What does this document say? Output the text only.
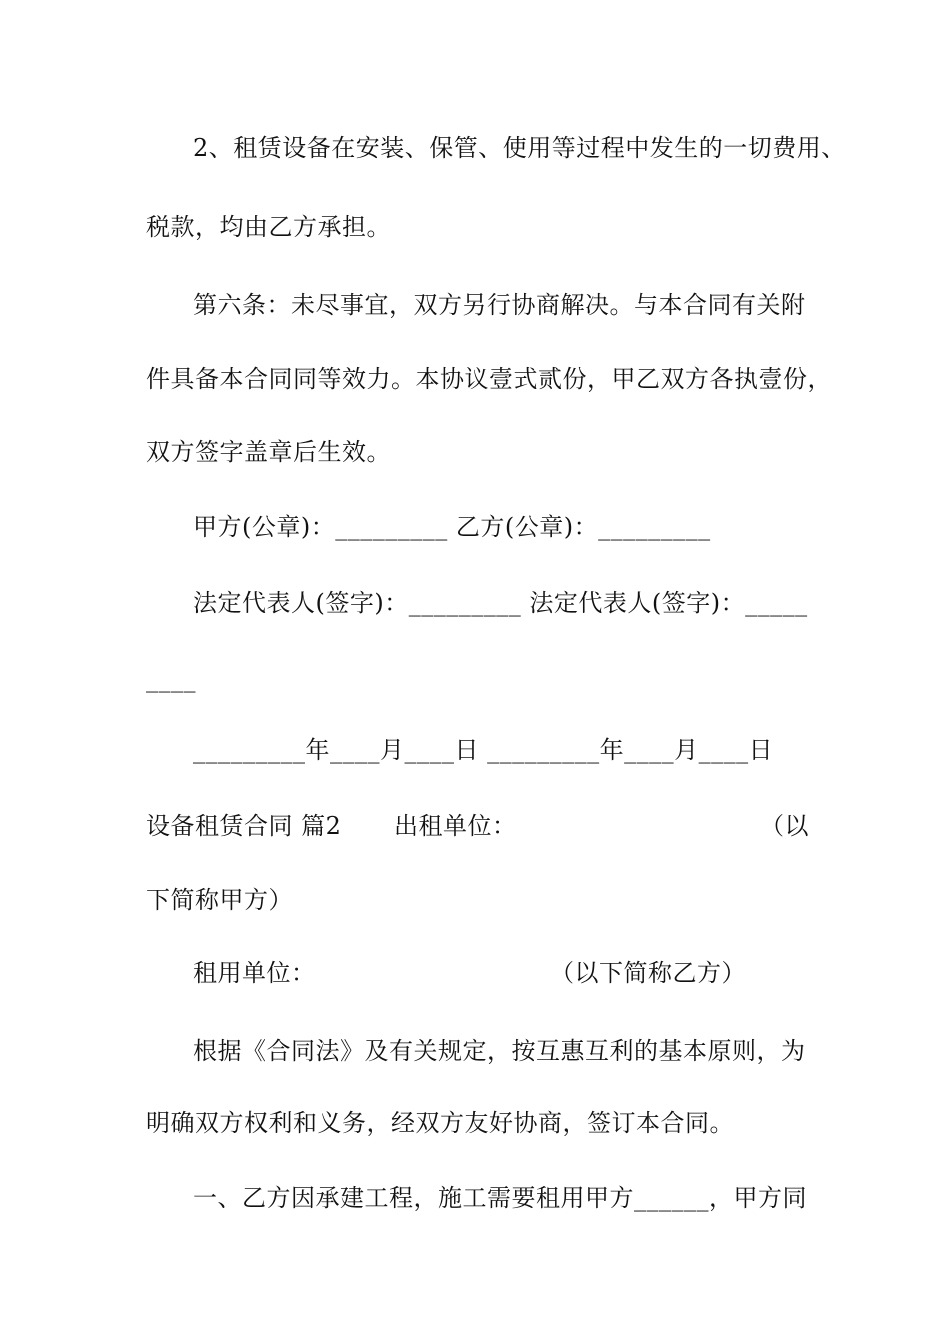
2、租赁设备在安装、保管、使用等过程中发生的一切费用、
税款，均由乙方承担。
第六条：未尽事宜，双方另行协商解决。与本合同有关附
件具备本合同同等效力。本协议壹式贰份，甲乙双方各执壹份，
双方签字盖章后生效。
甲方(公章)：_________ 乙方(公章)：_________
法定代表人(签字)：_________ 法定代表人(签字)：_____
____
_________年____月____日 _________年____月____日
设备租赁合同 篇2 出租单位：	（以
下简称甲方）
租用单位：	（以下简称乙方）
根据《合同法》及有关规定，按互惠互利的基本原则，为
明确双方权利和义务，经双方友好协商，签订本合同。
一、乙方因承建工程，施工需要租用甲方______，甲方同
